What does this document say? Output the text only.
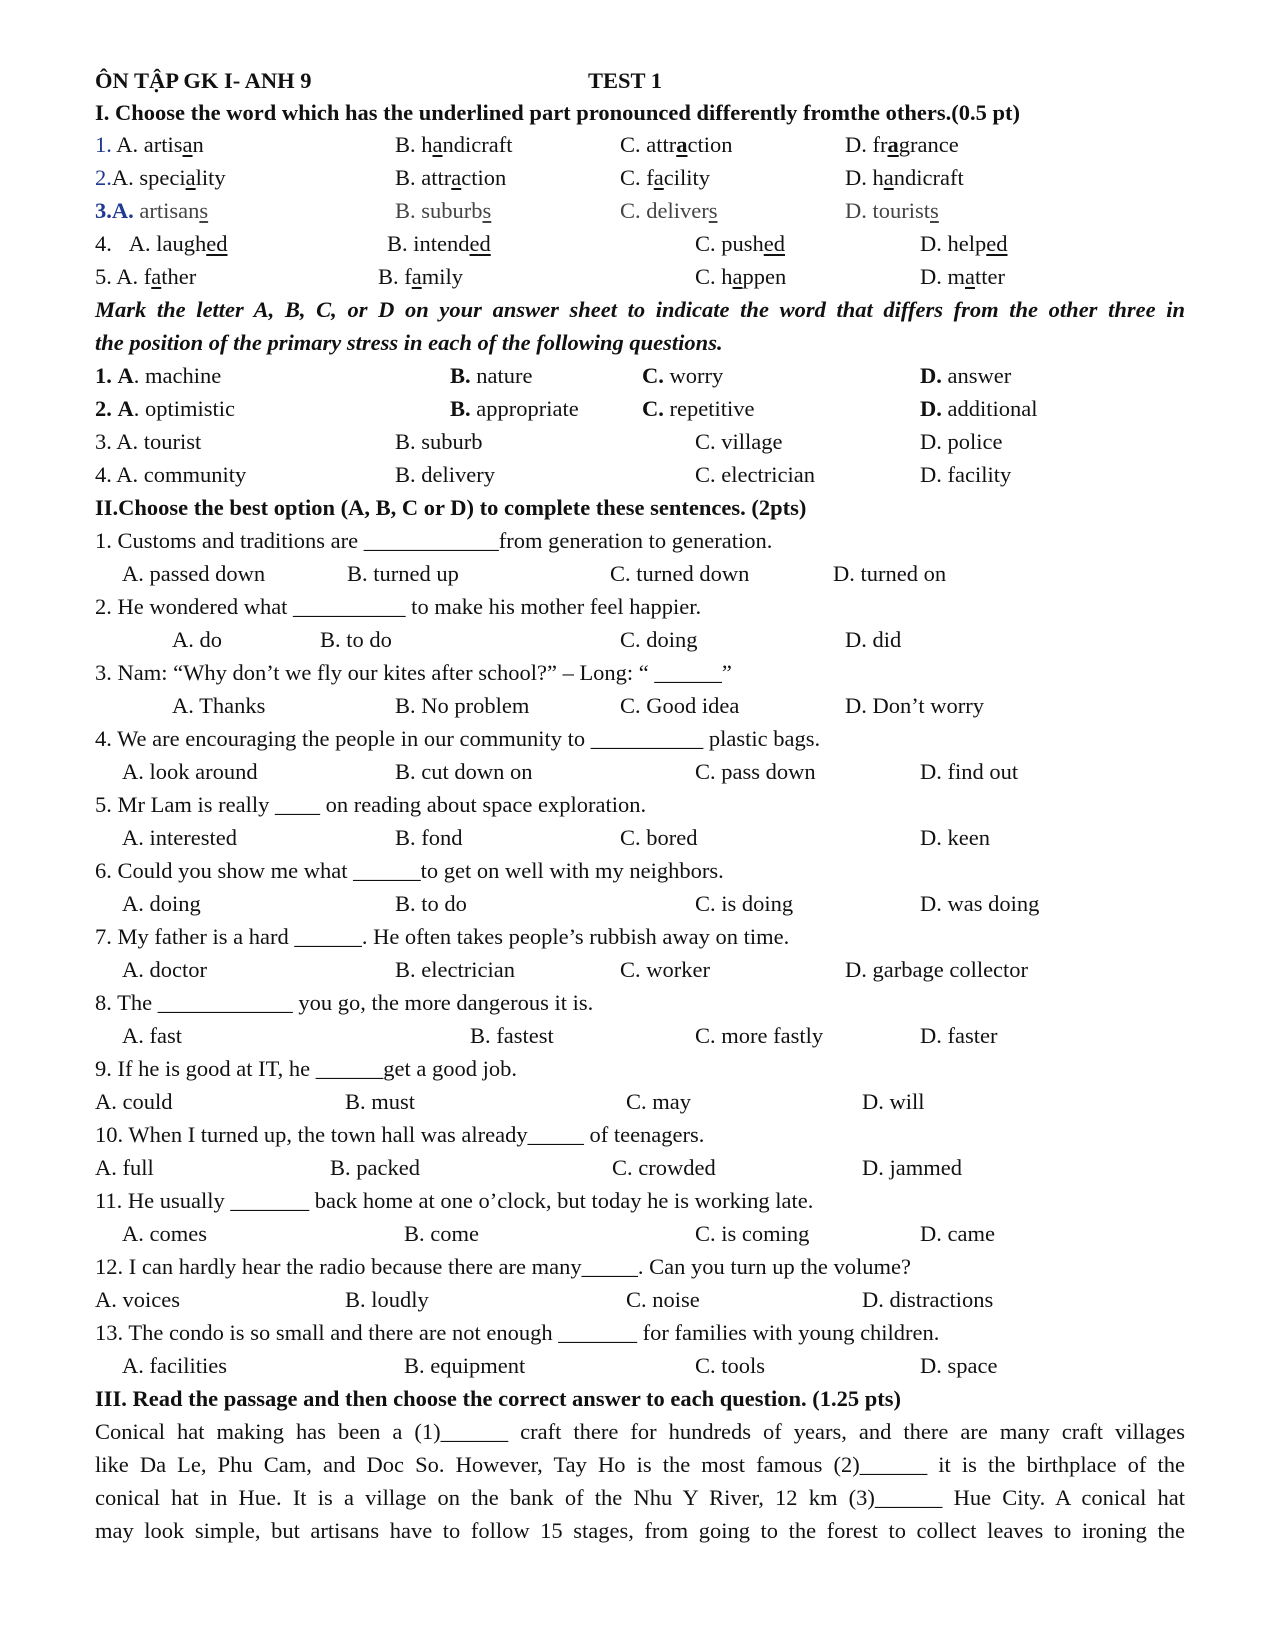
ÔN TẬP GK I- ANH 9	TEST 1
I. Choose the word which has the underlined part pronounced differently fromthe others.(0.5 pt)
1. A. artisan	B. handicraft	C. attraction	D. fragrance
2.A. speciality	B. attraction	C. facility	D. handicraft
3.A. artisans	B. suburbs	C. delivers	D. tourists
4. A. laughed	B. intended	C. pushed	D. helped
5. A. father	B. family	C. happen	D. matter
Mark the letter A, B, C, or D on your answer sheet to indicate the word that differs from the other three in
the position of the primary stress in each of the following questions.
1. A. machine	B. nature	C. worry	D. answer
2. A. optimistic	B. appropriate	C. repetitive	D. additional
3. A. tourist	B. suburb	C. village	D. police
4. A. community	B. delivery	C. electrician	D. facility
II.Choose the best option (A, B, C or D) to complete these sentences. (2pts)
1. Customs and traditions are ____________from generation to generation.
A. passed down	B. turned up	C. turned down	D. turned on
2. He wondered what __________ to make his mother feel happier.
A. do	B. to do	C. doing	D. did
3. Nam: “Why don’t we fly our kites after school?” – Long: “ ______”
A. Thanks	B. No problem	C. Good idea	D. Don’t worry
4. We are encouraging the people in our community to __________ plastic bags.
A. look around	B. cut down on	C. pass down	D. find out
5. Mr Lam is really ____ on reading about space exploration.
A. interested	B. fond	C. bored	D. keen
6. Could you show me what ______to get on well with my neighbors.
A. doing	B. to do	C. is doing	D. was doing
7. My father is a hard ______. He often takes people’s rubbish away on time.
A. doctor	B. electrician	C. worker	D. garbage collector
8. The ____________ you go, the more dangerous it is.
A. fast	B. fastest	C. more fastly	D. faster
9. If he is good at IT, he ______get a good job.
A. could	B. must	C. may	D. will
10. When I turned up, the town hall was already_____ of teenagers.
A. full	B. packed	C. crowded	D. jammed
11. He usually _______ back home at one o’clock, but today he is working late.
A. comes	B. come	C. is coming	D. came
12. I can hardly hear the radio because there are many_____. Can you turn up the volume?
A. voices	B. loudly	C. noise	D. distractions
13. The condo is so small and there are not enough _______ for families with young children.
A. facilities	B. equipment	C. tools	D. space
III. Read the passage and then choose the correct answer to each question. (1.25 pts)
Conical hat making has been a (1)______ craft there for hundreds of years, and there are many craft villages
like Da Le, Phu Cam, and Doc So. However, Tay Ho is the most famous (2)______ it is the birthplace of the
conical hat in Hue. It is a village on the bank of the Nhu Y River, 12 km (3)______ Hue City. A conical hat
may look simple, but artisans have to follow 15 stages, from going to the forest to collect leaves to ironing the
